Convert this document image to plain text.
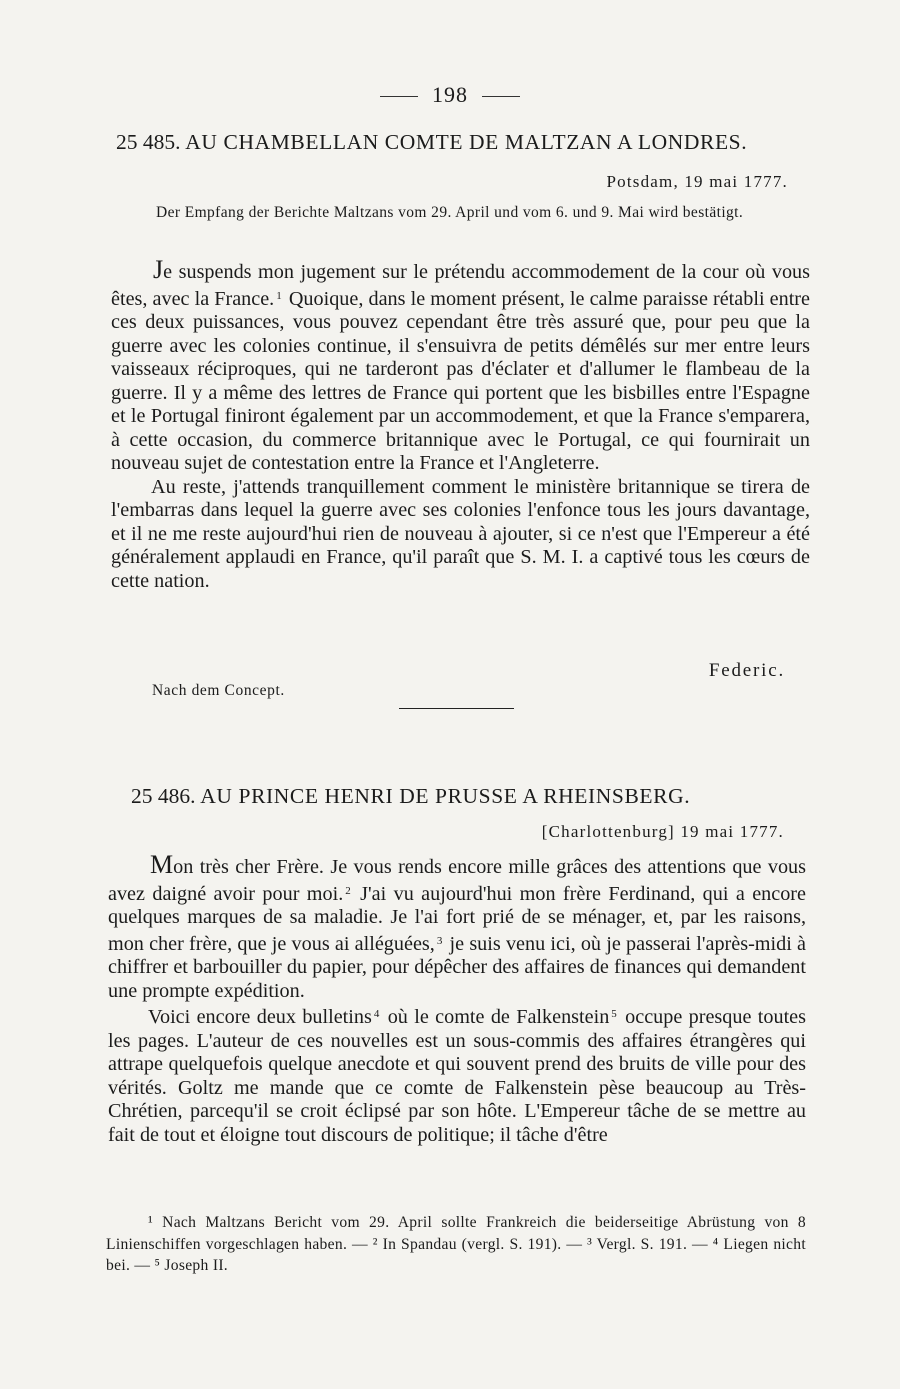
198
25 485. AU CHAMBELLAN COMTE DE MALTZAN A LONDRES.
Potsdam, 19 mai 1777.
Der Empfang der Berichte Maltzans vom 29. April und vom 6. und 9. Mai wird bestätigt.

Je suspends mon jugement sur le prétendu accommodement de la cour où vous êtes, avec la France. $^1$ Quoique, dans le moment présent, le calme paraisse rétabli entre ces deux puissances, vous pouvez cependant être très assuré que, pour peu que la guerre avec les colonies continue, il s'ensuivra de petits démêlés sur mer entre leurs vaisseaux réciproques, qui ne tarderont pas d'éclater et d'allumer le flambeau de la guerre. Il y a même des lettres de France qui portent que les bisbilles entre l'Espagne et le Portugal finiront également par un accommodement, et que la France s'emparera, à cette occasion, du commerce britannique avec le Portugal, ce qui fournirait un nouveau sujet de contestation entre la France et l'Angleterre.

Au reste, j'attends tranquillement comment le ministère britannique se tirera de l'embarras dans lequel la guerre avec ses colonies l'enfonce tous les jours davantage, et il ne me reste aujourd'hui rien de nouveau à ajouter, si ce n'est que l'Empereur a été généralement applaudi en France, qu'il paraît que S. M. I. a captivé tous les cœurs de cette nation.

Federic.
Nach dem Concept.
25 486. AU PRINCE HENRI DE PRUSSE A RHEINSBERG.
[Charlottenburg] 19 mai 1777.

Mon très cher Frère. Je vous rends encore mille grâces des attentions que vous avez daigné avoir pour moi. $^2$ J'ai vu aujourd'hui mon frère Ferdinand, qui a encore quelques marques de sa maladie. Je l'ai fort prié de se ménager, et, par les raisons, mon cher frère, que je vous ai alléguées, $^3$ je suis venu ici, où je passerai l'après-midi à chiffrer et barbouiller du papier, pour dépêcher des affaires de finances qui demandent une prompte expédition.

Voici encore deux bulletins $^4$ où le comte de Falkenstein $^5$ occupe presque toutes les pages. L'auteur de ces nouvelles est un sous-commis des affaires étrangères qui attrape quelquefois quelque anecdote et qui souvent prend des bruits de ville pour des vérités. Goltz me mande que ce comte de Falkenstein pèse beaucoup au Très-Chrétien, parcequ'il se croit éclipsé par son hôte. L'Empereur tâche de se mettre au fait de tout et éloigne tout discours de politique; il tâche d'être

¹ Nach Maltzans Bericht vom 29. April sollte Frankreich die beiderseitige Abrüstung von 8 Linienschiffen vorgeschlagen haben. — ² In Spandau (vergl. S. 191). — ³ Vergl. S. 191. — ⁴ Liegen nicht bei. — ⁵ Joseph II.
